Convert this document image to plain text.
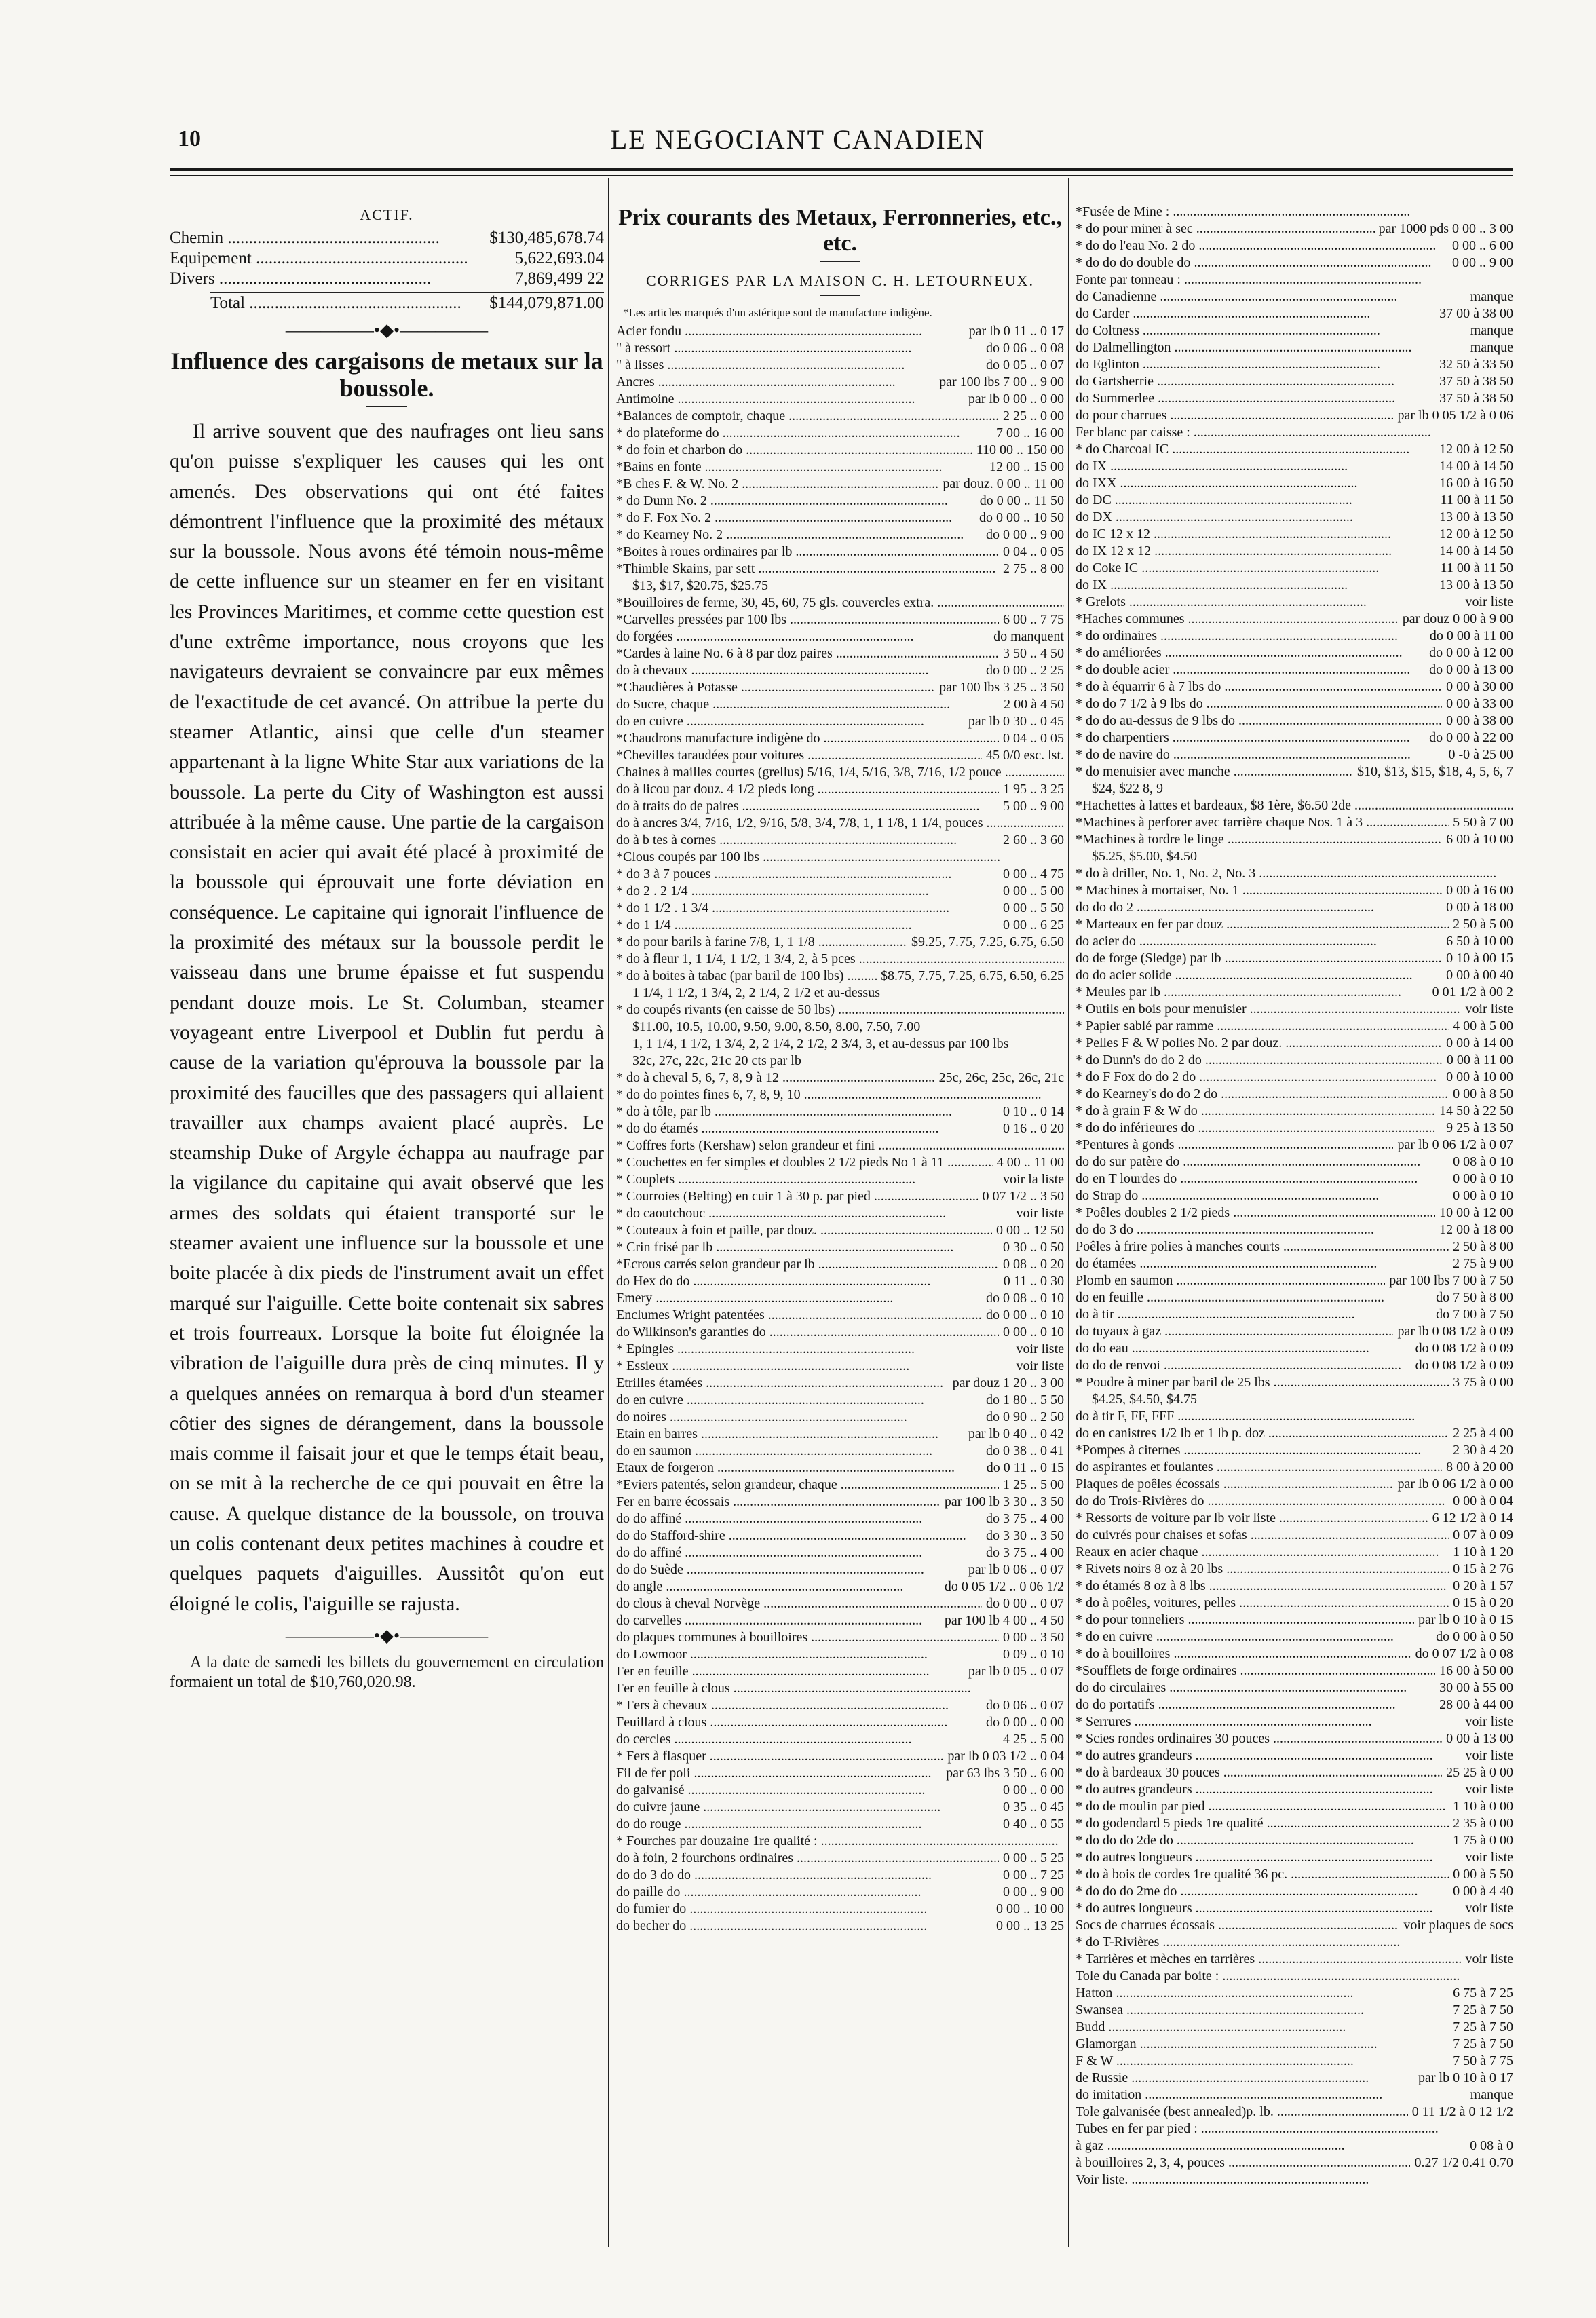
10	LE NEGOCIANT CANADIEN
ACTIF.
Chemin .....	$130,485,678.74
Equipement .....	5,622,693.04
Divers .....	7,869,499 22
Total .....	$144,079,871.00
—————•◆•—————
Influence des cargaisons de metaux sur la boussole.

Il arrive souvent que des naufrages ont lieu sans qu'on puisse s'expliquer les causes qui les ont amenés. Des observations qui ont été faites démontrent l'influence que la proximité des métaux sur la boussole. Nous avons été témoin nous-même de cette influence sur un steamer en fer en visitant les Provinces Maritimes, et comme cette question est d'une extrême importance, nous croyons que les navigateurs devraient se convaincre par eux mêmes de l'exactitude de cet avancé. On attribue la perte du steamer Atlantic, ainsi que celle d'un steamer appartenant à la ligne White Star aux variations de la boussole. La perte du City of Washington est aussi attribuée à la même cause. Une partie de la cargaison consistait en acier qui avait été placé à proximité de la boussole qui éprouvait une forte déviation en conséquence. Le capitaine qui ignorait l'influence de la proximité des métaux sur la boussole perdit le vaisseau dans une brume épaisse et fut suspendu pendant douze mois. Le St. Columban, steamer voyageant entre Liverpool et Dublin fut perdu à cause de la variation qu'éprouva la boussole par la proximité des faucilles que des passagers qui allaient travailler aux champs avaient placé auprès. Le steamship Duke of Argyle échappa au naufrage par la vigilance du capitaine qui avait observé que les armes des soldats qui étaient transporté sur le steamer avaient une influence sur la boussole et une boite placée à dix pieds de l'instrument avait un effet marqué sur l'aiguille. Cette boite contenait six sabres et trois fourreaux. Lorsque la boite fut éloignée la vibration de l'aiguille dura près de cinq minutes. Il y a quelques années on remarqua à bord d'un steamer côtier des signes de dérangement, dans la boussole mais comme il faisait jour et que le temps était beau, on se mit à la recherche de ce qui pouvait en être la cause. A quelque distance de la boussole, on trouva un colis contenant deux petites machines à coudre et quelques paquets d'aiguilles. Aussitôt qu'on eut éloigné le colis, l'aiguille se rajusta.

—————•◆•—————

A la date de samedi les billets du gouvernement en circulation formaient un total de $10,760,020.98.

Prix courants des Metaux, Ferronneries, etc., etc.
CORRIGES PAR LA MAISON C. H. LETOURNEUX.
*Les articles marqués d'un astérique sont de manufacture indigène.
Acier fondu .....	par lb 0 11 .. 0 17
" à ressort .....	do 0 06 .. 0 08
" à lisses .....	do 0 05 .. 0 07
Ancres .....	par 100 lbs 7 00 .. 9 00
Antimoine .....	par lb 0 00 .. 0 00
*Balances de comptoir, chaque .....	2 25 .. 0 00
* do plateforme do .....	7 00 .. 16 00
* do foin et charbon do .....	110 00 .. 150 00
*Bains en fonte .....	12 00 .. 15 00
*B ches F. & W. No. 2 .....	par douz. 0 00 .. 11 00
* do Dunn No. 2 .....	do 0 00 .. 11 50
* do F. Fox No. 2 .....	do 0 00 .. 10 50
* do Kearney No. 2 .....	do 0 00 .. 9 00
*Boites à roues ordinaires par lb .....	0 04 .. 0 05
*Thimble Skains, par sett .....	2 75 .. 8 00
$13, $17, $20.75, $25.75
*Bouilloires de ferme, 30, 45, 60, 75 gls. couvercles extra. .....
*Carvelles pressées par 100 lbs .....	6 00 .. 7 75
do forgées .....	do manquent
*Cardes à laine No. 6 à 8 par doz paires .....	3 50 .. 4 50
do à chevaux .....	do 0 00 .. 2 25
*Chaudières à Potasse .....	par 100 lbs 3 25 .. 3 50
do Sucre, chaque .....	2 00 à 4 50
do en cuivre .....	par lb 0 30 .. 0 45
*Chaudrons manufacture indigène do .....	0 04 .. 0 05
*Chevilles taraudées pour voitures .....	45 0/0 esc. lst.
Chaines à mailles courtes (grellus) 5/16, 1/4, 5/16, 3/8, 7/16, 1/2 pouce .....
do à licou par douz. 4 1/2 pieds long .....	1 95 .. 3 25
do à traits do de paires .....	5 00 .. 9 00
do à ancres 3/4, 7/16, 1/2, 9/16, 5/8, 3/4, 7/8, 1, 1 1/8, 1 1/4, pouces .....
do à b tes à cornes .....	2 60 .. 3 60
*Clous coupés par 100 lbs .....
* do 3 à 7 pouces .....	0 00 .. 4 75
* do 2 . 2 1/4 .....	0 00 .. 5 00
* do 1 1/2 . 1 3/4 .....	0 00 .. 5 50
* do 1 1/4 .....	0 00 .. 6 25
* do pour barils à farine 7/8, 1, 1 1/8 .....	$9.25, 7.75, 7.25, 6.75, 6.50
* do à fleur 1, 1 1/4, 1 1/2, 1 3/4, 2, à 5 pces .....
* do à boites à tabac (par baril de 100 lbs) .....	$8.75, 7.75, 7.25, 6.75, 6.50, 6.25
1 1/4, 1 1/2, 1 3/4, 2, 2 1/4, 2 1/2 et au-dessus
* do coupés rivants (en caisse de 50 lbs) .....
$11.00, 10.5, 10.00, 9.50, 9.00, 8.50, 8.00, 7.50, 7.00
1, 1 1/4, 1 1/2, 1 3/4, 2, 2 1/4, 2 1/2, 2 3/4, 3, et au-dessus par 100 lbs
32c, 27c, 22c, 21c 20 cts par lb
* do à cheval 5, 6, 7, 8, 9 à 12 .....	25c, 26c, 25c, 26c, 21c
* do do pointes fines 6, 7, 8, 9, 10 .....
* do à tôle, par lb .....	0 10 .. 0 14
* do do étamés .....	0 16 .. 0 20
* Coffres forts (Kershaw) selon grandeur et fini .....
* Couchettes en fer simples et doubles 2 1/2 pieds No 1 à 11 .....	4 00 .. 11 00
* Couplets .....	voir la liste
* Courroies (Belting) en cuir 1 à 30 p. par pied .....	0 07 1/2 .. 3 50
* do caoutchouc .....	voir liste
* Couteaux à foin et paille, par douz. .....	0 00 .. 12 50
* Crin frisé par lb .....	0 30 .. 0 50
*Ecrous carrés selon grandeur par lb .....	0 08 .. 0 20
do Hex do do .....	0 11 .. 0 30
Emery .....	do 0 08 .. 0 10
Enclumes Wright patentées .....	do 0 00 .. 0 10
do Wilkinson's garanties do .....	0 00 .. 0 10
* Epingles .....	voir liste
* Essieux .....	voir liste
Etrilles étamées .....	par douz 1 20 .. 3 00
do en cuivre .....	do 1 80 .. 5 50
do noires .....	do 0 90 .. 2 50
Etain en barres .....	par lb 0 40 .. 0 42
do en saumon .....	do 0 38 .. 0 41
Etaux de forgeron .....	do 0 11 .. 0 15
*Eviers patentés, selon grandeur, chaque .....	1 25 .. 5 00
Fer en barre écossais .....	par 100 lb 3 30 .. 3 50
do do affiné .....	do 3 75 .. 4 00
do do Stafford-shire .....	do 3 30 .. 3 50
do do affiné .....	do 3 75 .. 4 00
do do Suède .....	par lb 0 06 .. 0 07
do angle .....	do 0 05 1/2 .. 0 06 1/2
do clous à cheval Norvège .....	do 0 00 .. 0 07
do carvelles .....	par 100 lb 4 00 .. 4 50
do plaques communes à bouilloires .....	0 00 .. 3 50
do Lowmoor .....	0 09 .. 0 10
Fer en feuille .....	par lb 0 05 .. 0 07
Fer en feuille à clous .....
* Fers à chevaux .....	do 0 06 .. 0 07
Feuillard à clous .....	do 0 00 .. 0 00
do cercles .....	4 25 .. 5 00
* Fers à flasquer .....	par lb 0 03 1/2 .. 0 04
Fil de fer poli .....	par 63 lbs 3 50 .. 6 00
do galvanisé .....	0 00 .. 0 00
do cuivre jaune .....	0 35 .. 0 45
do do rouge .....	0 40 .. 0 55
* Fourches par douzaine 1re qualité : .....
do à foin, 2 fourchons ordinaires .....	0 00 .. 5 25
do do 3 do do .....	0 00 .. 7 25
do paille do .....	0 00 .. 9 00
do fumier do .....	0 00 .. 10 00
do becher do .....	0 00 .. 13 25
*Fusée de Mine : .....
* do pour miner à sec .....	par 1000 pds 0 00 .. 3 00
* do do l'eau No. 2 do .....	0 00 .. 6 00
* do do do double do .....	0 00 .. 9 00
Fonte par tonneau : .....
do Canadienne .....	manque
do Carder .....	37 00 à 38 00
do Coltness .....	manque
do Dalmellington .....	manque
do Eglinton .....	32 50 à 33 50
do Gartsherrie .....	37 50 à 38 50
do Summerlee .....	37 50 à 38 50
do pour charrues .....	par lb 0 05 1/2 à 0 06
Fer blanc par caisse : .....
* do Charcoal IC .....	12 00 à 12 50
do IX .....	14 00 à 14 50
do IXX .....	16 00 à 16 50
do DC .....	11 00 à 11 50
do DX .....	13 00 à 13 50
do IC 12 x 12 .....	12 00 à 12 50
do IX 12 x 12 .....	14 00 à 14 50
do Coke IC .....	11 00 à 11 50
do IX .....	13 00 à 13 50
* Grelots .....	voir liste
*Haches communes .....	par douz 0 00 à 9 00
* do ordinaires .....	do 0 00 à 11 00
* do améliorées .....	do 0 00 à 12 00
* do double acier .....	do 0 00 à 13 00
* do à équarrir 6 à 7 lbs do .....	0 00 à 30 00
* do do 7 1/2 à 9 lbs do .....	0 00 à 33 00
* do do au-dessus de 9 lbs do .....	0 00 à 38 00
* do charpentiers .....	do 0 00 à 22 00
* do de navire do .....	0 -0 à 25 00
* do menuisier avec manche .....	$10, $13, $15, $18, 4, 5, 6, 7
$24, $22 8, 9
*Hachettes à lattes et bardeaux, $8 1ère, $6.50 2de .....
*Machines à perforer avec tarrière chaque Nos. 1 à 3 .....	5 50 à 7 00
*Machines à tordre le linge .....	6 00 à 10 00
$5.25, $5.00, $4.50
* do à driller, No. 1, No. 2, No. 3 .....
* Machines à mortaiser, No. 1 .....	0 00 à 16 00
do do do 2 .....	0 00 à 18 00
* Marteaux en fer par douz .....	2 50 à 5 00
do acier do .....	6 50 à 10 00
do de forge (Sledge) par lb .....	0 10 à 00 15
do do acier solide .....	0 00 à 00 40
* Meules par lb .....	0 01 1/2 à 00 2
* Outils en bois pour menuisier .....	voir liste
* Papier sablé par ramme .....	4 00 à 5 00
* Pelles F & W polies No. 2 par douz. .....	0 00 à 14 00
* do Dunn's do do 2 do .....	0 00 à 11 00
* do F Fox do do 2 do .....	0 00 à 10 00
* do Kearney's do do 2 do .....	0 00 à 8 50
* do à grain F & W do .....	14 50 à 22 50
* do do inférieures do .....	9 25 à 13 50
*Pentures à gonds .....	par lb 0 06 1/2 à 0 07
do do sur patère do .....	0 08 à 0 10
do en T lourdes do .....	0 00 à 0 10
do Strap do .....	0 00 à 0 10
* Poêles doubles 2 1/2 pieds .....	10 00 à 12 00
do do 3 do .....	12 00 à 18 00
Poêles à frire polies à manches courts .....	2 50 à 8 00
do étamées .....	2 75 à 9 00
Plomb en saumon .....	par 100 lbs 7 00 à 7 50
do en feuille .....	do 7 50 à 8 00
do à tir .....	do 7 00 à 7 50
do tuyaux à gaz .....	par lb 0 08 1/2 à 0 09
do do eau .....	do 0 08 1/2 à 0 09
do do de renvoi .....	do 0 08 1/2 à 0 09
* Poudre à miner par baril de 25 lbs .....	3 75 à 0 00
$4.25, $4.50, $4.75
do à tir F, FF, FFF .....
do en canistres 1/2 lb et 1 lb p. doz .....	2 25 à 4 00
*Pompes à citernes .....	2 30 à 4 20
do aspirantes et foulantes .....	8 00 à 20 00
Plaques de poêles écossais .....	par lb 0 06 1/2 à 0 00
do do Trois-Rivières do .....	0 00 à 0 04
* Ressorts de voiture par lb voir liste .....	6 12 1/2 à 0 14
do cuivrés pour chaises et sofas .....	0 07 à 0 09
Reaux en acier chaque .....	1 10 à 1 20
* Rivets noirs 8 oz à 20 lbs .....	0 15 à 2 76
* do étamés 8 oz à 8 lbs .....	0 20 à 1 57
* do à poêles, voitures, pelles .....	0 15 à 0 20
* do pour tonneliers .....	par lb 0 10 à 0 15
* do en cuivre .....	do 0 00 à 0 50
* do à bouilloires .....	do 0 07 1/2 à 0 08
*Soufflets de forge ordinaires .....	16 00 à 50 00
do do circulaires .....	30 00 à 55 00
do do portatifs .....	28 00 à 44 00
* Serrures .....	voir liste
* Scies rondes ordinaires 30 pouces .....	0 00 à 13 00
* do autres grandeurs .....	voir liste
* do à bardeaux 30 pouces .....	25 25 à 0 00
* do autres grandeurs .....	voir liste
* do de moulin par pied .....	1 10 à 0 00
* do godendard 5 pieds 1re qualité .....	2 35 à 0 00
* do do do 2de do .....	1 75 à 0 00
* do autres longueurs .....	voir liste
* do à bois de cordes 1re qualité 36 pc. .....	0 00 à 5 50
* do do do 2me do .....	0 00 à 4 40
* do autres longueurs .....	voir liste
Socs de charrues écossais .....	voir plaques de socs
* do T-Rivières .....
* Tarrières et mèches en tarrières .....	voir liste
Tole du Canada par boite : .....
Hatton .....	6 75 à 7 25
Swansea .....	7 25 à 7 50
Budd .....	7 25 à 7 50
Glamorgan .....	7 25 à 7 50
F & W .....	7 50 à 7 75
de Russie .....	par lb 0 10 à 0 17
do imitation .....	manque
Tole galvanisée (best annealed)p. lb. .....	0 11 1/2 à 0 12 1/2
Tubes en fer par pied : .....
à gaz .....	0 08 à 0
à bouilloires 2, 3, 4, pouces .....	0.27 1/2 0.41 0.70
Voir liste. .....
